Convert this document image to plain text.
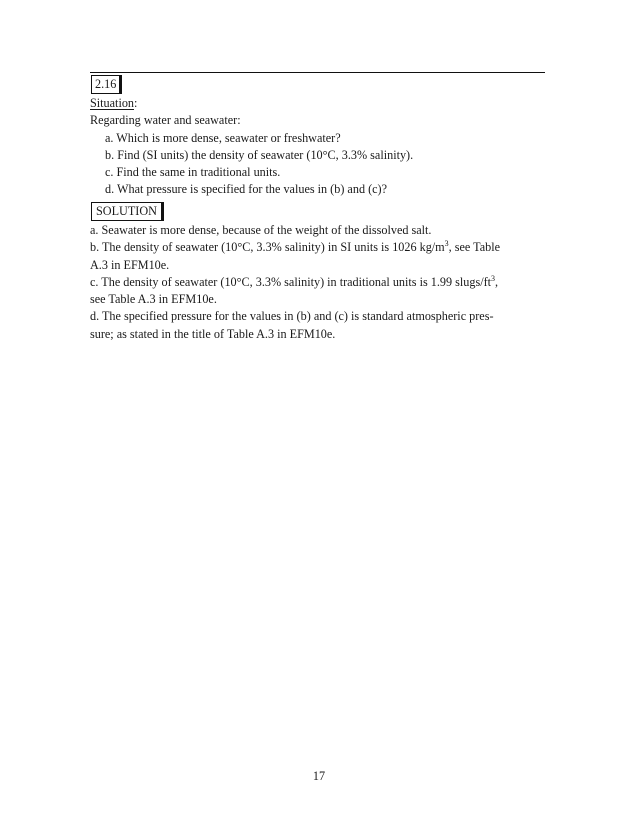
2.16
Situation:
Regarding water and seawater:
a. Which is more dense, seawater or freshwater?
b. Find (SI units) the density of seawater (10°C, 3.3% salinity).
c. Find the same in traditional units.
d. What pressure is specified for the values in (b) and (c)?
SOLUTION
a. Seawater is more dense, because of the weight of the dissolved salt.
b. The density of seawater (10°C, 3.3% salinity) in SI units is 1026 $kg/m^3$, see Table
A.3 in EFM10e.
c. The density of seawater (10°C, 3.3% salinity) in traditional units is 1.99 slugs/$ft^3$,
see Table A.3 in EFM10e.
d. The specified pressure for the values in (b) and (c) is standard atmospheric pres-
sure; as stated in the title of Table A.3 in EFM10e.
17
